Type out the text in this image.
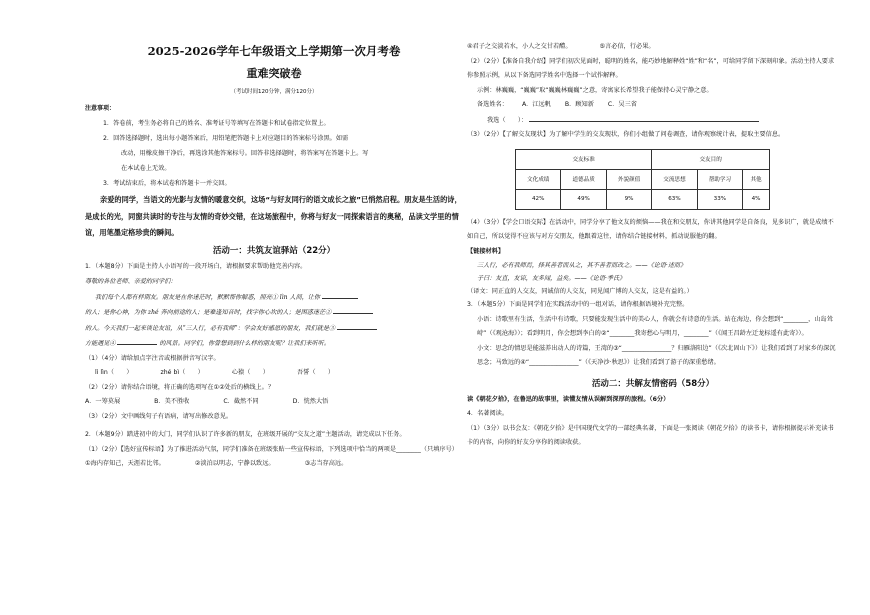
2025-2026学年七年级语文上学期第一次月考卷
重难突破卷
（考试时间120分钟，满分120分）
注意事项：
1．答卷前，考生务必将自己的姓名、准考证号等填写在答题卡和试卷指定位置上。
2．回答选择题时，选出每小题答案后，用铅笔把答题卡上对应题目的答案标号涂黑。如需
改动，用橡皮擦干净后，再选涂其他答案标号。回答非选择题时，将答案写在答题卡上。写
在本试卷上无效。
3．考试结束后，将本试卷和答题卡一并交回。
亲爱的同学，当语文的光影与友情的暖意交织，这场“与好友同行的语文成长之旅”已悄然启程。朋友是生活的诗，是成长的光，同窗共读时的专注与友情的奇妙交错，在这场旅程中，你将与好友一同探索语言的奥秘，品读文学里的情谊，用笔墨定格珍贵的瞬间。
活动一：共筑友谊驿站（22分）
1．（本题8分）下面是主持人小语写的一段开场白，请根据要求帮助他完善内容。
尊敬的各位老师、亲爱的同学们：
我们每个人都有样期友。朋友是在你迷茫时，默默帮你解惑，照亮① lìn 人间，让你
的人；是你心神，为你 zhé 奔向前途的人；是难逢知音时，找字你心坎的人；是困惑迷茫②
的人。今天我们一起来谈论友谊，从“三人行，必有我师”：学会友好感恩的朋友，我们就是③
方能遇见④	的风景。同学们，你曾想到到什么样的朋友呢？让我们来听听。
（1）（4分）请给加点字注音或根据拼音写汉字。
lì lìn（　　）	zhé bì（　　）	心猿（　　）	吾誓（　　）
（2）（2分）请你结合语境，将正确的选项写在①②处后的横线上。？
A．一筹莫展	B．美不胜收	C．截然不同	D．恍然大悟
（3）（2分）文中画线句子有语病，请写出修改意见。
2．（本题9分）踏进初中的大门，同学们认识了许多新的朋友，在班级开展的“交友之道”主题活动，请完成以下任务。
（1）（2分）【选好宣传标语】为了推进活动气氛，同学们准备在班级张贴一些宣传标语，下列选项中恰当的两项是________（只填序号）
①海内存知己，天涯若比邻。	②淡泊以明志，宁静以致远。	③志当存高远。
④君子之交淡若水，小人之交甘若醴。	⑤言必信，行必果。
（2）（2分）【准备自我介绍】同学们初次见面时，聪明的姓名，能巧妙地解释姓“姓”和“名”，可给同学留下深刻印象。活动主持人要求你参照示例，从以下备选同学姓名中选择一个试作解释。
示例：林巍巍，“巍巍”取“巍巍林巍巍”之意，寄寓家长希望我子能保持心灵宁静之意。
备选姓名： A．江远帆 B．顾知新 C．吴三省
我选（　　）：
（3）（2分）【了解交友现状】为了解中学生的交友现状，你们小组做了问卷调查，请你观察统计表，提取主要信息。
交友标准			交友目的		
文化成绩	道德品质	外貌颜值	交流思想	帮助学习	其他
42%	49%	9%	63%	33%	4%
（4）（3分）【学会口语交际】在活动中，同学分享了他文友的烦恼——我在和交朋友，你讲其他同学是自备良，见多识广，就是成绩不如自己，所以觉得不应该与对方交朋友，他跟着这往，请你结合链接材料，抓动说服他的翻。
【链接材料】
三人行，必有我师焉，择其善者而从之，其不善者而改之。——《论语·述而》
子曰：友直，友谅，友多闻，益矣。——《论语·季氏》
（译文：同正直的人交友，同诚信的人交友，同见闻广博的人交友，这是有益的。）
3．（本题5分）下面是同学们在实践活动中的一组对话，请你根据语境补充完整。
小语：诗歌里有生活，生活中有诗歌，只要能发现生活中的美心人，你就会有诗意的生活。站在海边，你会想到“________，山岛耸峙”（《观沧海》）；看到明月，你会想到李白的②“________我寄愁心与明月，________”（《闻王昌龄左迁龙标遥有此寄》）。
小文：思念的情思是能滋养出动人的诗篇，王湾的③“________________？归雁洛阳边”（《次北固山下》）让我们看到了对家乡的深沉思念；马致远的④“________________”（《天净沙·秋思》）让我们看到了游子的深重愁绪。
活动二：共解友情密码（58分）
读《朝花夕拾》，在鲁迅的故事里，读懂友情从误解到深厚的旅程。（6分）
4．名著阅读。
（1）（3分）以书会友：《朝花夕拾》是中国现代文学的一部经典名著，下面是一张阅读《朝花夕拾》的读书卡，请你根据提示补充读书卡的内容，向你的好友分享你的阅读收获。
